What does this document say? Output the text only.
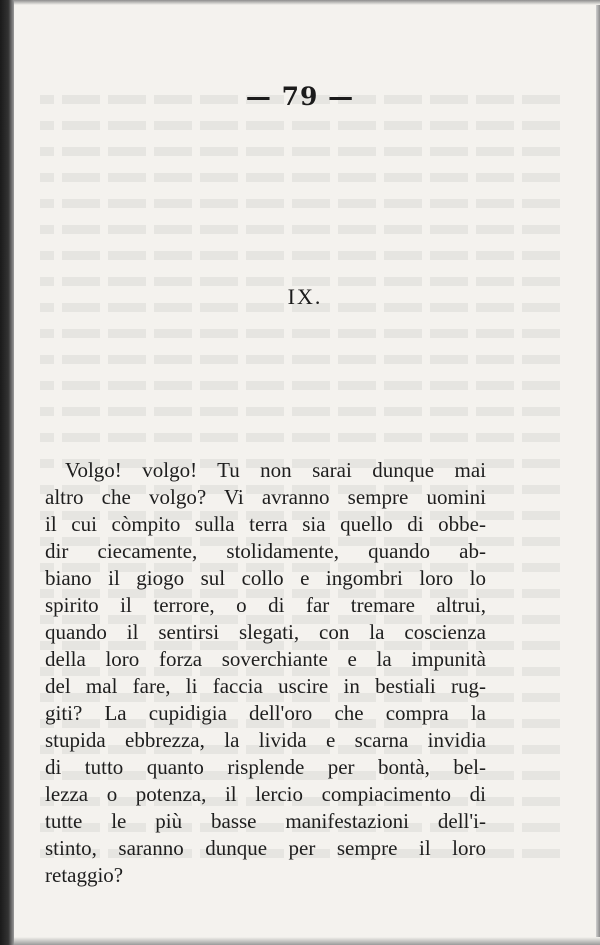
— 79 —
IX.
Volgo! volgo! Tu non sarai dunque mai
altro che volgo? Vi avranno sempre uomini
il cui còmpito sulla terra sia quello di obbe-
dir ciecamente, stolidamente, quando ab-
biano il giogo sul collo e ingombri loro lo
spirito il terrore, o di far tremare altrui,
quando il sentirsi slegati, con la coscienza
della loro forza soverchiante e la impunità
del mal fare, li faccia uscire in bestiali rug-
giti? La cupidigia dell'oro che compra la
stupida ebbrezza, la livida e scarna invidia
di tutto quanto risplende per bontà, bel-
lezza o potenza, il lercio compiacimento di
tutte le più basse manifestazioni dell'i-
stinto, saranno dunque per sempre il loro
retaggio?
